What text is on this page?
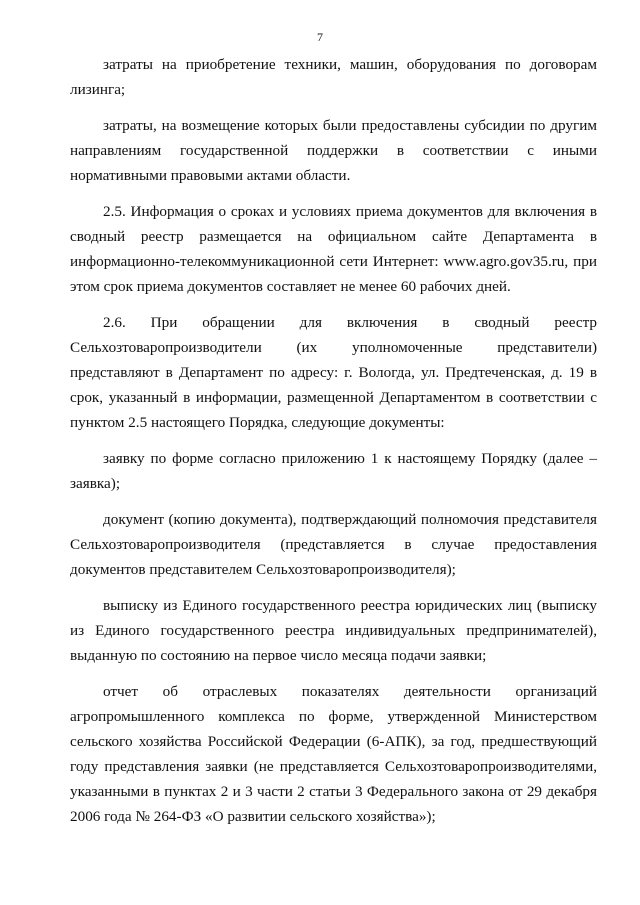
7

затраты на приобретение техники, машин, оборудования по договорам лизинга;

затраты, на возмещение которых были предоставлены субсидии по другим направлениям государственной поддержки в соответствии с иными нормативными правовыми актами области.

2.5. Информация о сроках и условиях приема документов для включения в сводный реестр размещается на официальном сайте Департамента в информационно-телекоммуникационной сети Интернет: www.agro.gov35.ru, при этом срок приема документов составляет не менее 60 рабочих дней.

2.6. При обращении для включения в сводный реестр Сельхозтоваропроизводители (их уполномоченные представители) представляют в Департамент по адресу: г. Вологда, ул. Предтеченская, д. 19 в срок, указанный в информации, размещенной Департаментом в соответствии с пунктом 2.5 настоящего Порядка, следующие документы:

заявку по форме согласно приложению 1 к настоящему Порядку (далее – заявка);

документ (копию документа), подтверждающий полномочия представителя Сельхозтоваропроизводителя (представляется в случае предоставления документов представителем Сельхозтоваропроизводителя);

выписку из Единого государственного реестра юридических лиц (выписку из Единого государственного реестра индивидуальных предпринимателей), выданную по состоянию на первое число месяца подачи заявки;

отчет об отраслевых показателях деятельности организаций агропромышленного комплекса по форме, утвержденной Министерством сельского хозяйства Российской Федерации (6-АПК), за год, предшествующий году представления заявки (не представляется Сельхозтоваропроизводителями, указанными в пунктах 2 и 3 части 2 статьи 3 Федерального закона от 29 декабря 2006 года № 264-ФЗ «О развитии сельского хозяйства»);
